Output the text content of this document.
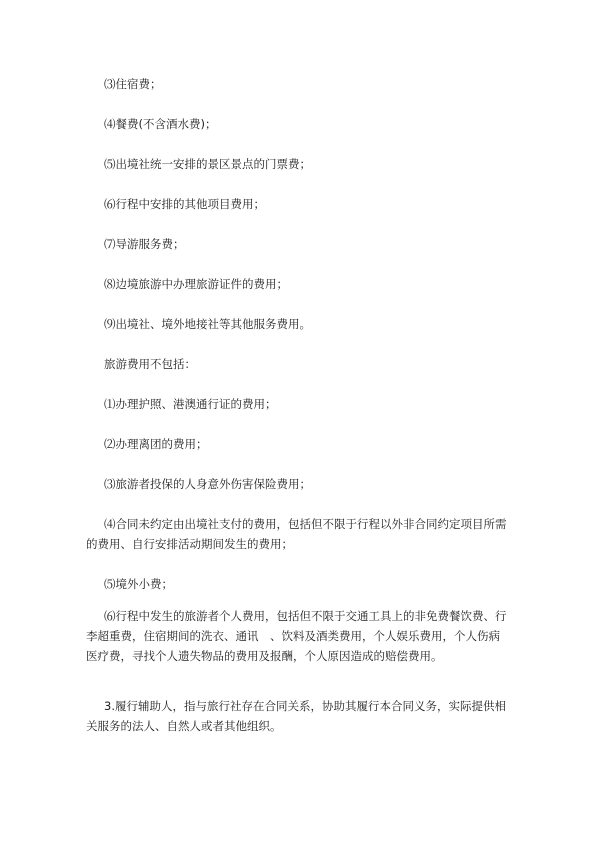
⑶住宿费；

⑷餐费(不含酒水费)；

⑸出境社统一安排的景区景点的门票费；

⑹行程中安排的其他项目费用；

⑺导游服务费；

⑻边境旅游中办理旅游证件的费用；

⑼出境社、境外地接社等其他服务费用。

旅游费用不包括：

⑴办理护照、港澳通行证的费用；

⑵办理离团的费用；

⑶旅游者投保的人身意外伤害保险费用；

⑷合同未约定由出境社支付的费用，包括但不限于行程以外非合同约定项目所需的费用、自行安排活动期间发生的费用；

⑸境外小费；

⑹行程中发生的旅游者个人费用，包括但不限于交通工具上的非免费餐饮费、行李超重费，住宿期间的洗衣、通讯　、饮料及酒类费用，个人娱乐费用，个人伤病医疗费，寻找个人遗失物品的费用及报酬，个人原因造成的赔偿费用。

3.履行辅助人，指与旅行社存在合同关系，协助其履行本合同义务，实际提供相关服务的法人、自然人或者其他组织。
